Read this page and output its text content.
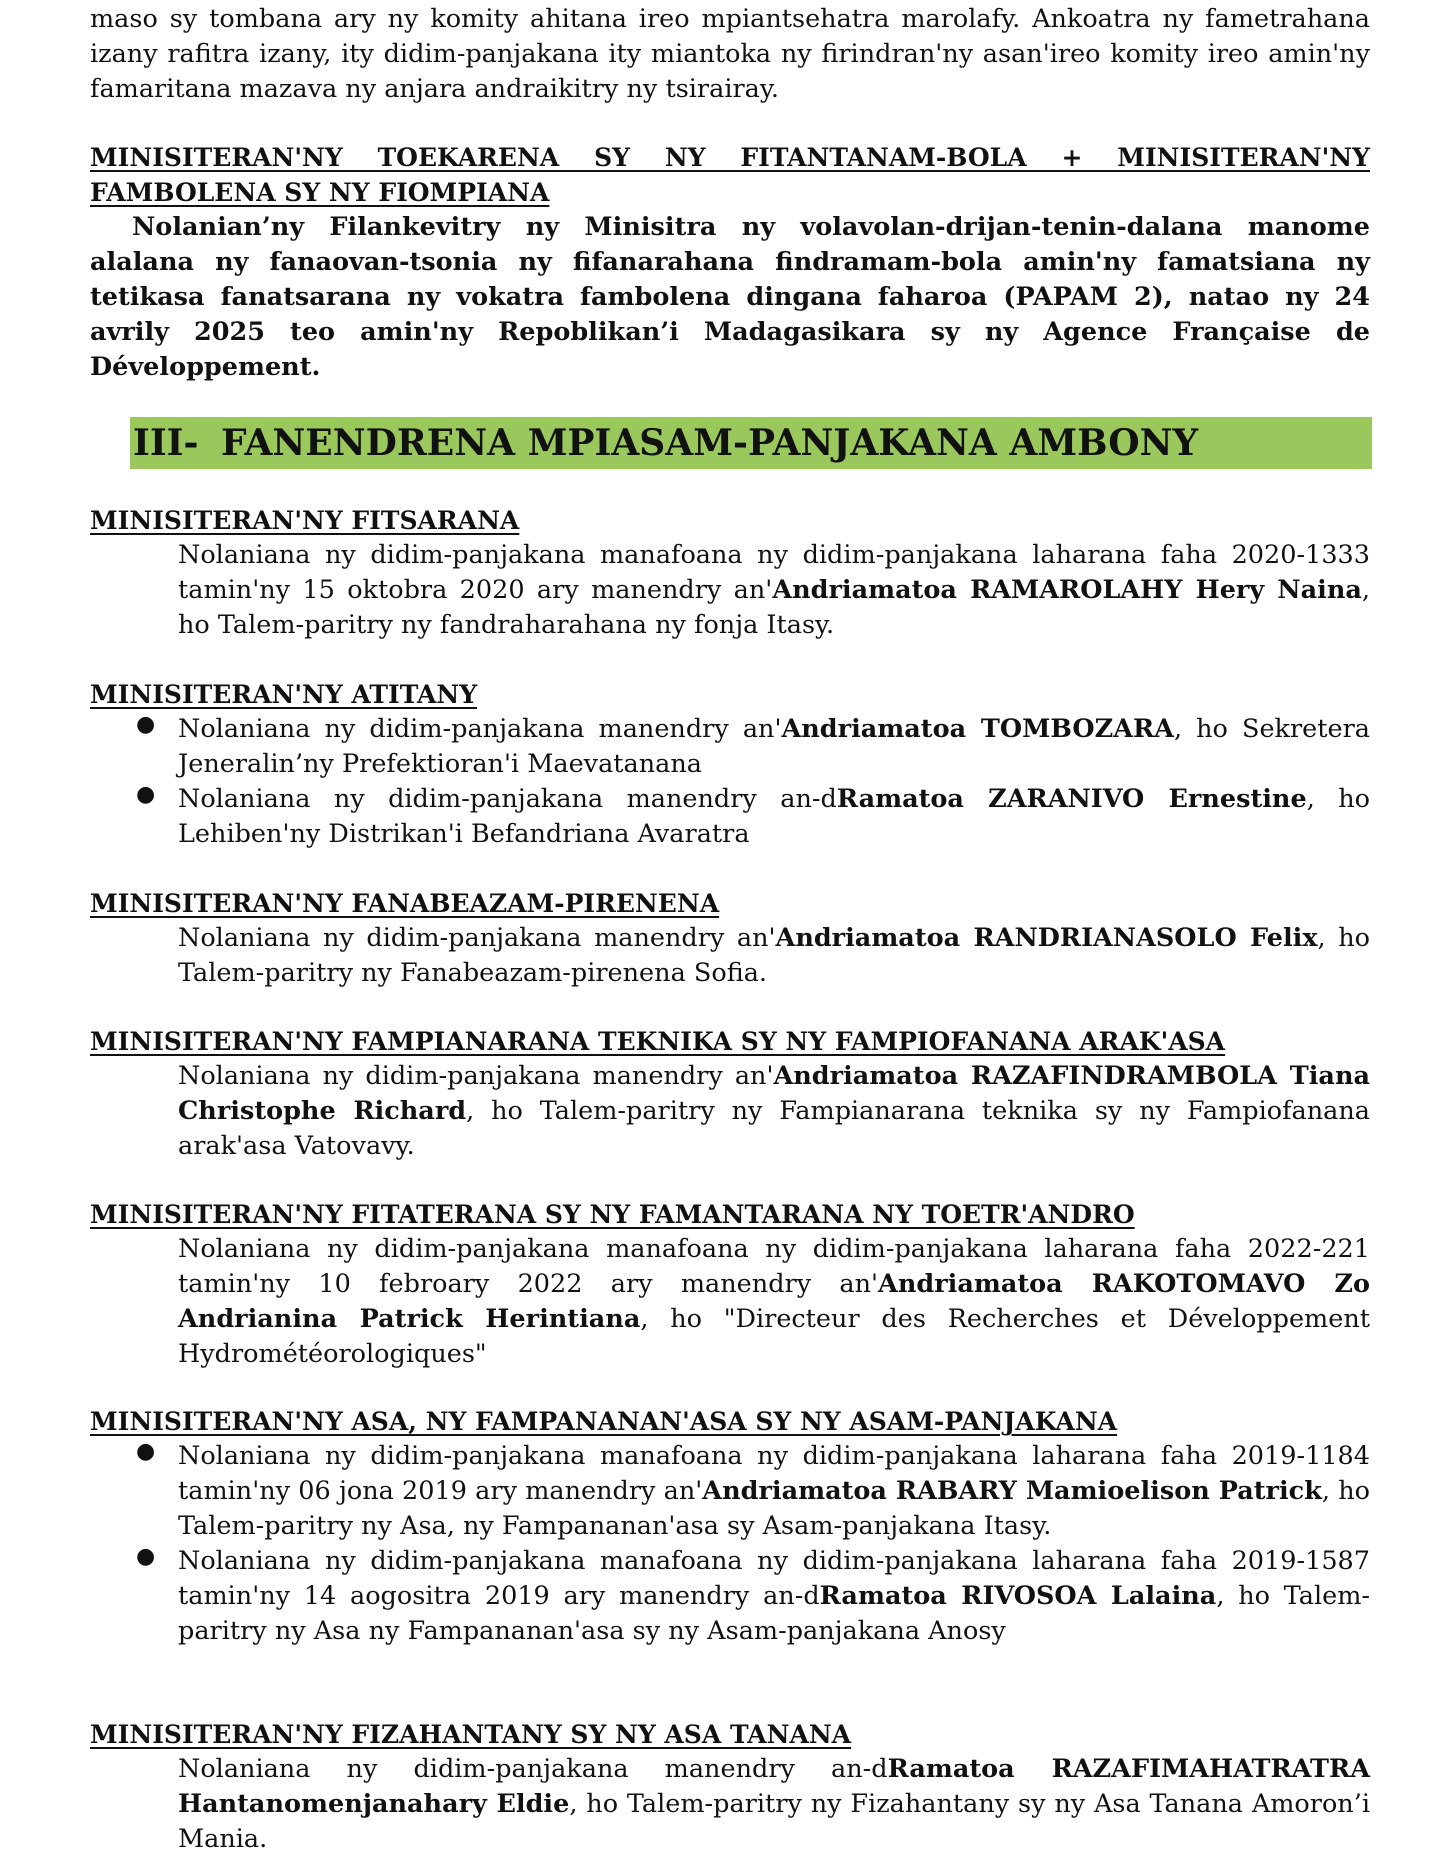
maso sy tombana ary ny komity ahitana ireo mpiantsehatra marolafy. Ankoatra ny fametrahana izany rafitra izany, ity didim-panjakana ity miantoka ny firindran'ny asan'ireo komity ireo amin'ny famaritana mazava ny anjara andraikitry ny tsirairay.

MINISITERAN'NY TOEKARENA SY NY FITANTANAM-BOLA + MINISITERAN'NY

FAMBOLENA SY NY FIOMPIANA

Nolanian’ny Filankevitry ny Minisitra ny volavolan-drijan-tenin-dalana manome alalana ny fanaovan-tsonia ny fifanarahana findramam-bola amin'ny famatsiana ny tetikasa fanatsarana ny vokatra fambolena dingana faharoa (PAPAM 2), natao ny 24 avrily 2025 teo amin'ny Repoblikan’i Madagasikara sy ny Agence Française de Développement.

III- FANENDRENA MPIASAM-PANJAKANA AMBONY

MINISITERAN'NY FITSARANA

Nolaniana ny didim-panjakana manafoana ny didim-panjakana laharana faha 2020-1333 tamin'ny 15 oktobra 2020 ary manendry an'Andriamatoa RAMAROLAHY Hery Naina, ho Talem-paritry ny fandraharahana ny fonja Itasy.

MINISITERAN'NY ATITANY

● Nolaniana ny didim-panjakana manendry an'Andriamatoa TOMBOZARA, ho Sekretera Jeneralin’ny Prefektioran'i Maevatanana

● Nolaniana ny didim-panjakana manendry an-dRamatoa ZARANIVO Ernestine, ho Lehiben'ny Distrikan'i Befandriana Avaratra

MINISITERAN'NY FANABEAZAM-PIRENENA

Nolaniana ny didim-panjakana manendry an'Andriamatoa RANDRIANASOLO Felix, ho Talem-paritry ny Fanabeazam-pirenena Sofia.

MINISITERAN'NY FAMPIANARANA TEKNIKA SY NY FAMPIOFANANA ARAK'ASA

Nolaniana ny didim-panjakana manendry an'Andriamatoa RAZAFINDRAMBOLA Tiana Christophe Richard, ho Talem-paritry ny Fampianarana teknika sy ny Fampiofanana arak'asa Vatovavy.

MINISITERAN'NY FITATERANA SY NY FAMANTARANA NY TOETR'ANDRO

Nolaniana ny didim-panjakana manafoana ny didim-panjakana laharana faha 2022-221 tamin'ny 10 febroary 2022 ary manendry an'Andriamatoa RAKOTOMAVO Zo Andrianina Patrick Herintiana, ho "Directeur des Recherches et Développement Hydrométéorologiques"

MINISITERAN'NY ASA, NY FAMPANANAN'ASA SY NY ASAM-PANJAKANA

● Nolaniana ny didim-panjakana manafoana ny didim-panjakana laharana faha 2019-1184 tamin'ny 06 jona 2019 ary manendry an'Andriamatoa RABARY Mamioelison Patrick, ho Talem-paritry ny Asa, ny Fampananan'asa sy Asam-panjakana Itasy.

● Nolaniana ny didim-panjakana manafoana ny didim-panjakana laharana faha 2019-1587 tamin'ny 14 aogositra 2019 ary manendry an-dRamatoa RIVOSOA Lalaina, ho Talem-paritry ny Asa ny Fampananan'asa sy ny Asam-panjakana Anosy

MINISITERAN'NY FIZAHANTANY SY NY ASA TANANA

Nolaniana ny didim-panjakana manendry an-dRamatoa RAZAFIMAHATRATRA Hantanomenjanahary Eldie, ho Talem-paritry ny Fizahantany sy ny Asa Tanana Amoron’i Mania.
